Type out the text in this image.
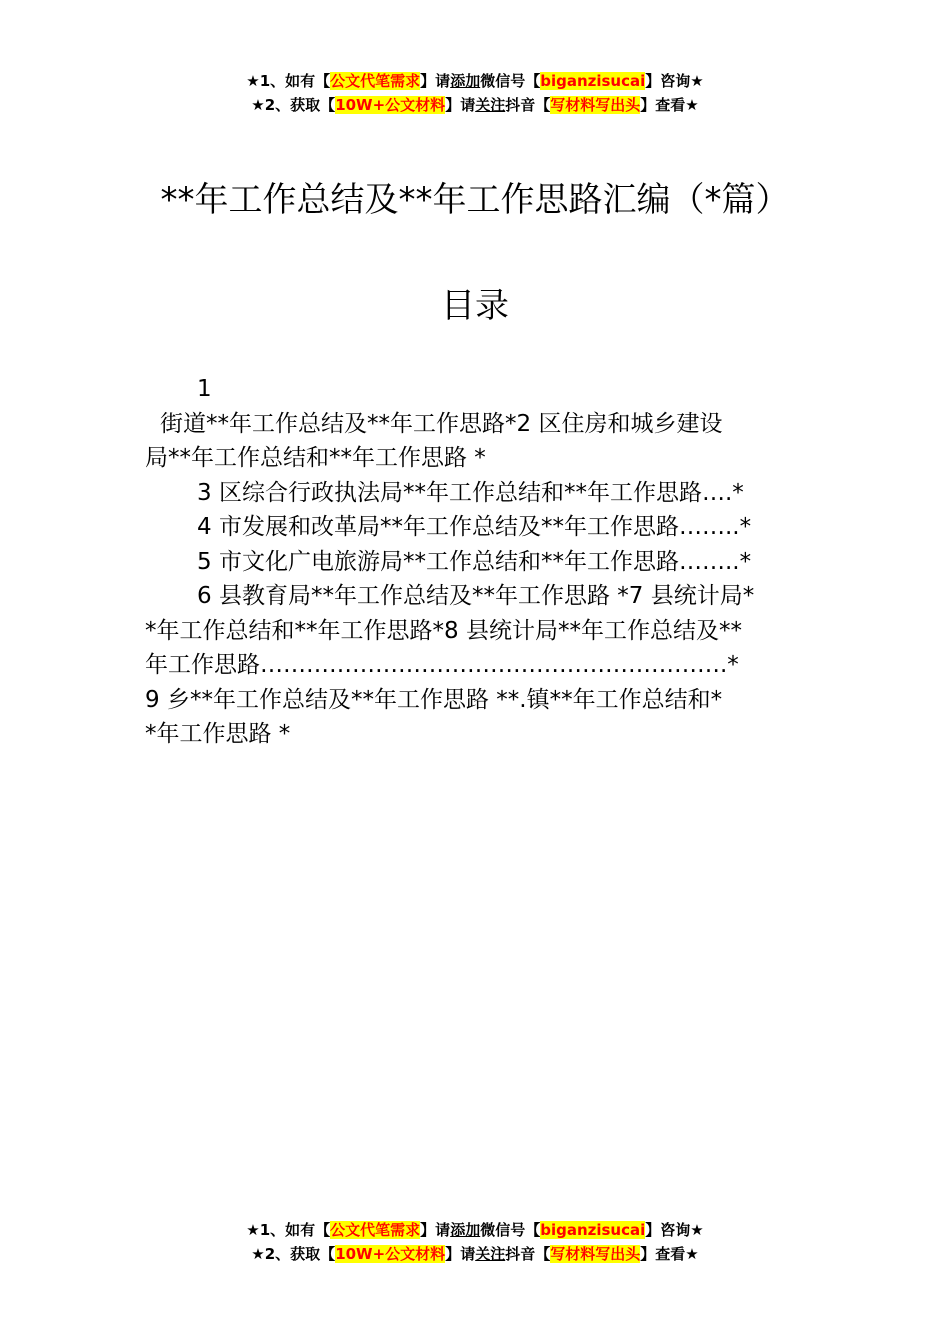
★1、如有【公文代笔需求】请添加微信号【biganzisucai】咨询★
★2、获取【10W+公文材料】请关注抖音【写材料写出头】查看★
**年工作总结及**年工作思路汇编（*篇）
目录
1
街道**年工作总结及**年工作思路*2 区住房和城乡建设
局**年工作总结和**年工作思路 *
3 区综合行政执法局**年工作总结和**年工作思路….*
4 市发展和改革局**年工作总结及**年工作思路……..*
5 市文化广电旅游局**工作总结和**年工作思路……..*
6 县教育局**年工作总结及**年工作思路 *7 县统计局*
*年工作总结和**年工作思路*8 县统计局**年工作总结及**
年工作思路…………………………………………………….*
9 乡**年工作总结及**年工作思路 **.镇**年工作总结和*
*年工作思路 *
★1、如有【公文代笔需求】请添加微信号【biganzisucai】咨询★
★2、获取【10W+公文材料】请关注抖音【写材料写出头】查看★
